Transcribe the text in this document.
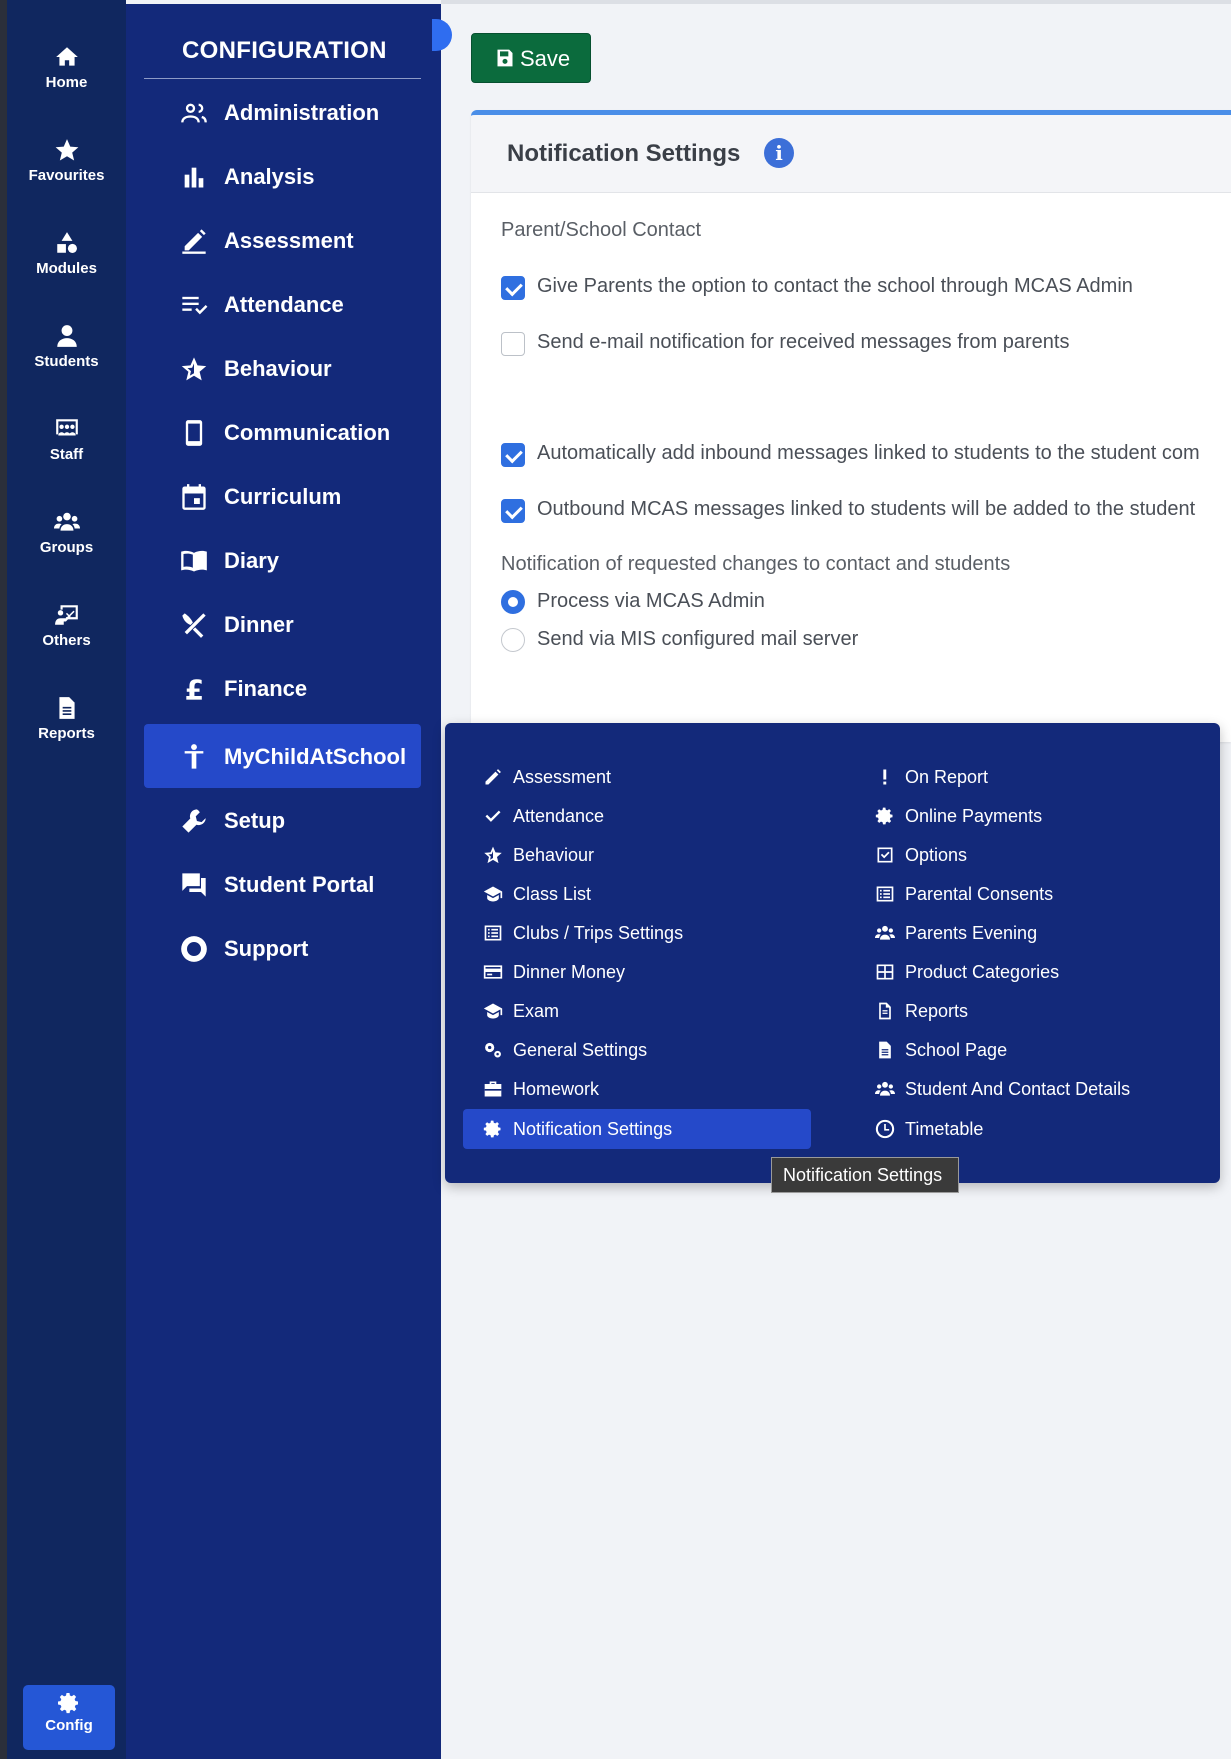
Home
Favourites
Modules
Students
Staff
Groups
Others
Reports
Config
CONFIGURATION
Administration
Analysis
Assessment
Attendance
Behaviour
Communication
Curriculum
Diary
Dinner
£ Finance
MyChildAtSchool
Setup
Student Portal
Support
Save
Notification Settings	i
Parent/School Contact
Give Parents the option to contact the school through MCAS Admin
Send e-mail notification for received messages from parents
Automatically add inbound messages linked to students to the student com
Outbound MCAS messages linked to students will be added to the student
Notification of requested changes to contact and students
Process via MCAS Admin
Send via MIS configured mail server
Assessment
Attendance
Behaviour
Class List
Clubs / Trips Settings
Dinner Money
Exam
General Settings
Homework
Notification Settings
On Report
Online Payments
Options
Parental Consents
Parents Evening
Product Categories
Reports
School Page
Student And Contact Details
Timetable
Notification Settings
